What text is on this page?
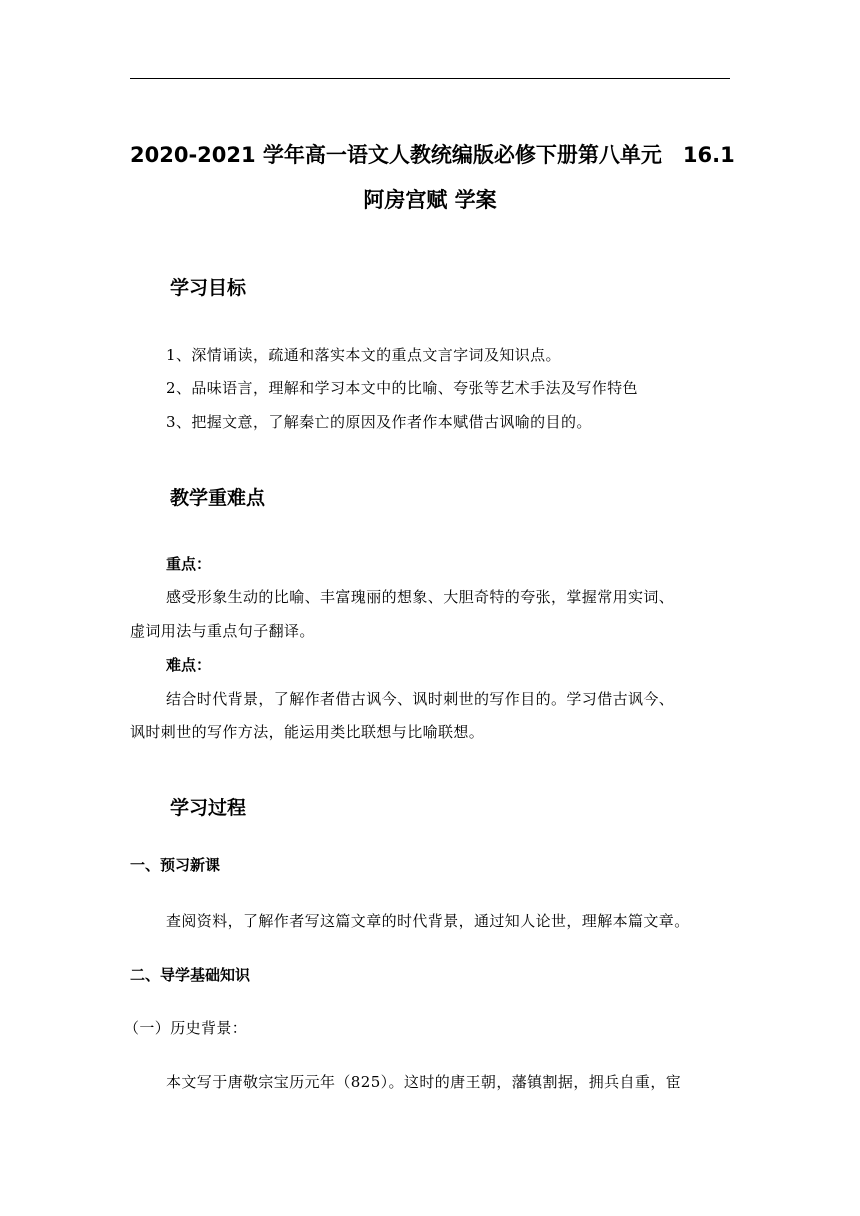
2020-2021 学年高一语文人教统编版必修下册第八单元　16.1
阿房宫赋 学案
学习目标
1、深情诵读，疏通和落实本文的重点文言字词及知识点。
2、品味语言，理解和学习本文中的比喻、夸张等艺术手法及写作特色
3、把握文意，了解秦亡的原因及作者作本赋借古讽喻的目的。
教学重难点
重点：
感受形象生动的比喻、丰富瑰丽的想象、大胆奇特的夸张，掌握常用实词、
虚词用法与重点句子翻译。
难点：
结合时代背景，了解作者借古讽今、讽时刺世的写作目的。学习借古讽今、
讽时刺世的写作方法，能运用类比联想与比喻联想。
学习过程
一、预习新课
查阅资料，了解作者写这篇文章的时代背景，通过知人论世，理解本篇文章。
二、导学基础知识
（一）历史背景：
本文写于唐敬宗宝历元年（825）。这时的唐王朝，藩镇割据，拥兵自重，宦
